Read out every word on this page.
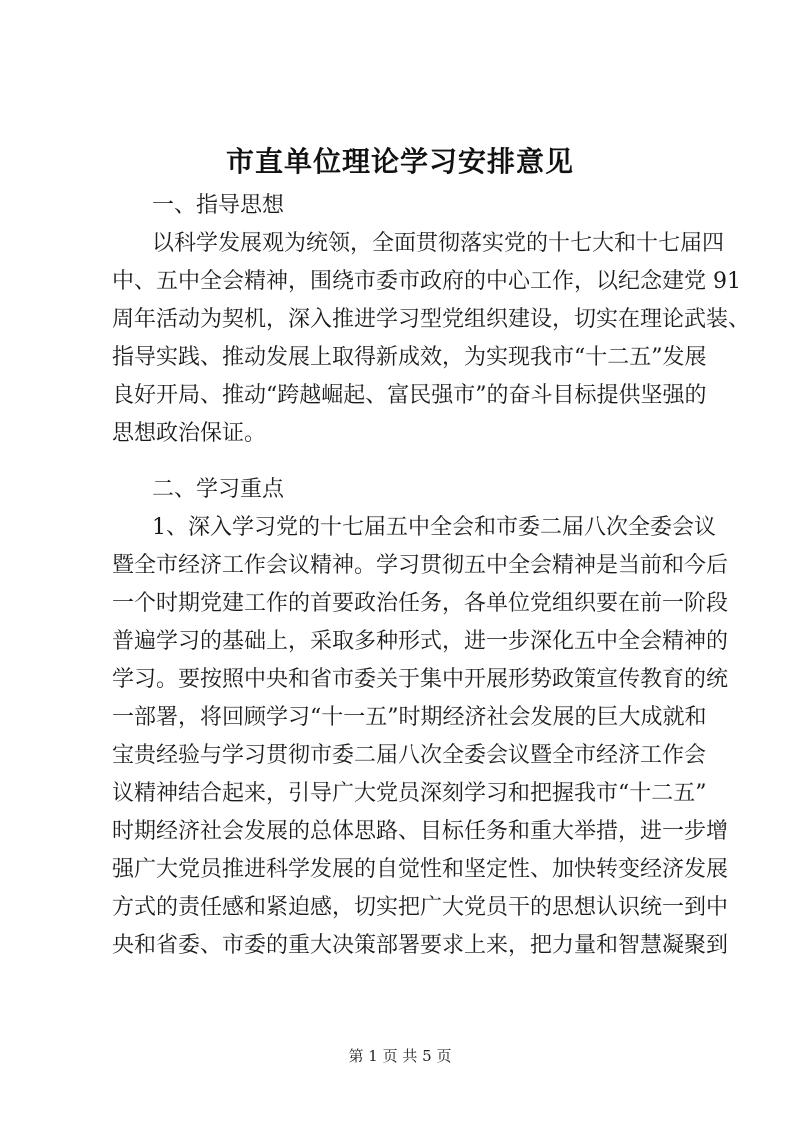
市直单位理论学习安排意见
一、指导思想
以科学发展观为统领，全面贯彻落实党的十七大和十七届四
中、五中全会精神，围绕市委市政府的中心工作，以纪念建党 91
周年活动为契机，深入推进学习型党组织建设，切实在理论武装、
指导实践、推动发展上取得新成效，为实现我市“十二五”发展
良好开局、推动“跨越崛起、富民强市”的奋斗目标提供坚强的
思想政治保证。
二、学习重点
1、深入学习党的十七届五中全会和市委二届八次全委会议
暨全市经济工作会议精神。学习贯彻五中全会精神是当前和今后
一个时期党建工作的首要政治任务，各单位党组织要在前一阶段
普遍学习的基础上，采取多种形式，进一步深化五中全会精神的
学习。要按照中央和省市委关于集中开展形势政策宣传教育的统
一部署，将回顾学习“十一五”时期经济社会发展的巨大成就和
宝贵经验与学习贯彻市委二届八次全委会议暨全市经济工作会
议精神结合起来，引导广大党员深刻学习和把握我市“十二五”
时期经济社会发展的总体思路、目标任务和重大举措，进一步增
强广大党员推进科学发展的自觉性和坚定性、加快转变经济发展
方式的责任感和紧迫感，切实把广大党员干的思想认识统一到中
央和省委、市委的重大决策部署要求上来，把力量和智慧凝聚到
第 1 页 共 5 页
